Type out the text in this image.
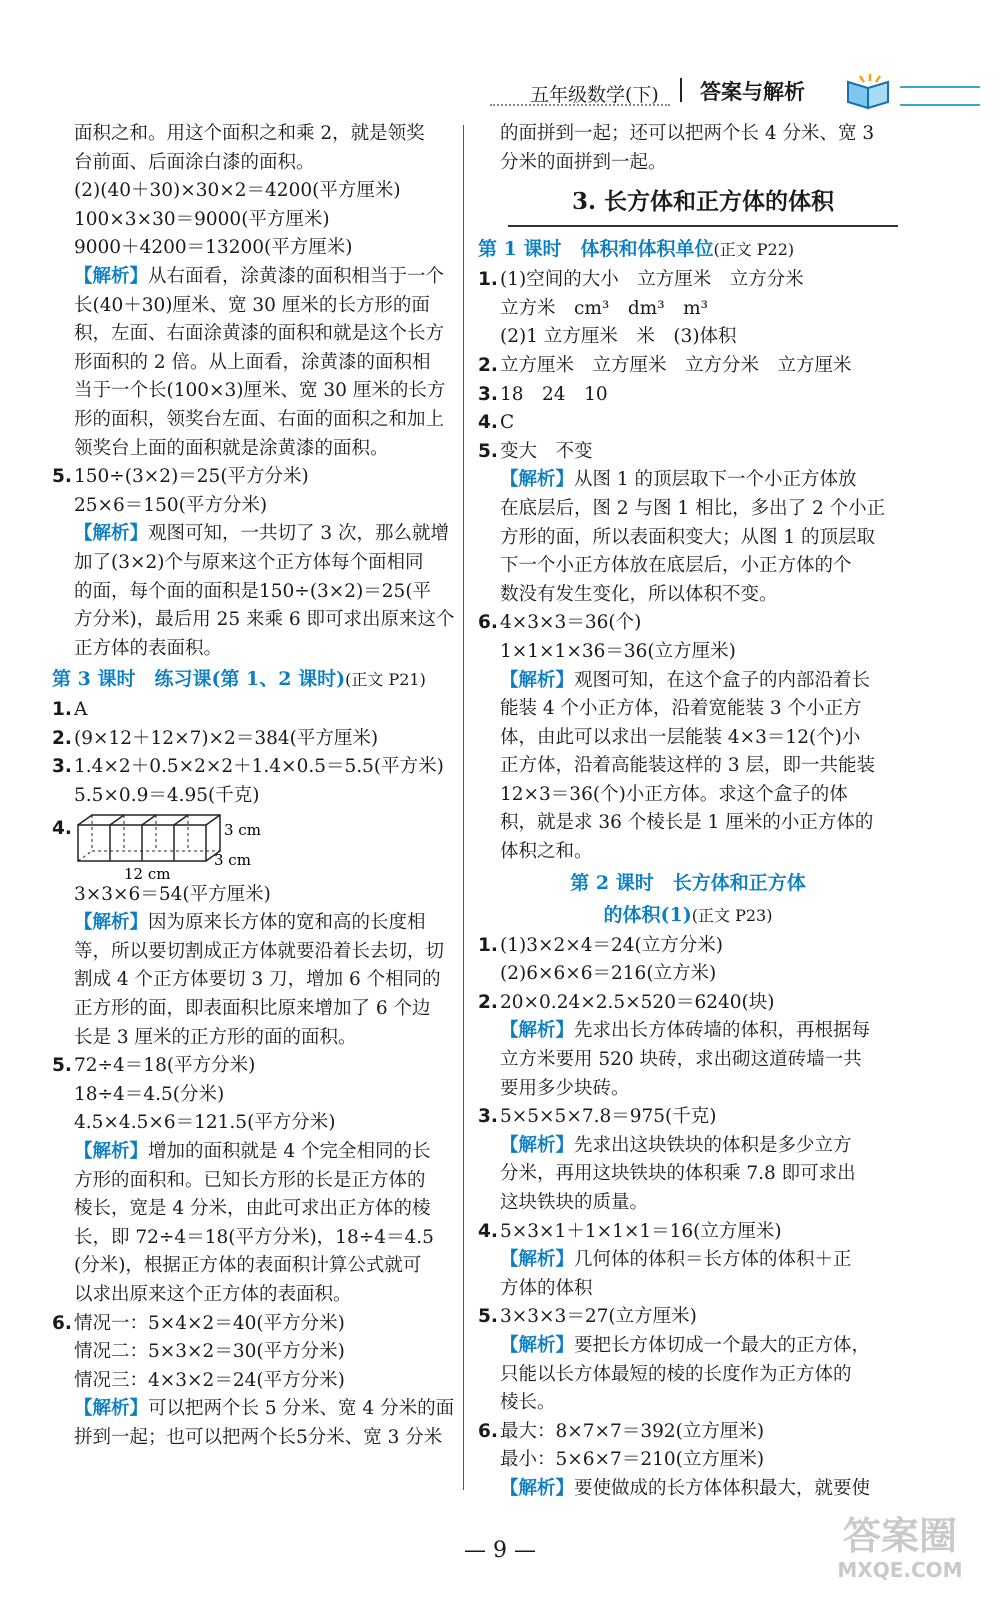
五年级数学(下) 答案与解析
面积之和。用这个面积之和乘 2，就是领奖
台前面、后面涂白漆的面积。
(2)(40＋30)×30×2＝4200(平方厘米)
100×3×30＝9000(平方厘米)
9000＋4200＝13200(平方厘米)
【解析】从右面看，涂黄漆的面积相当于一个
长(40＋30)厘米、宽 30 厘米的长方形的面
积，左面、右面涂黄漆的面积和就是这个长方
形面积的 2 倍。从上面看，涂黄漆的面积相
当于一个长(100×3)厘米、宽 30 厘米的长方
形的面积，领奖台左面、右面的面积之和加上
领奖台上面的面积就是涂黄漆的面积。
5. 150÷(3×2)＝25(平方分米)
25×6＝150(平方分米)
【解析】观图可知，一共切了 3 次，那么就增
加了(3×2)个与原来这个正方体每个面相同
的面，每个面的面积是150÷(3×2)＝25(平
方分米)，最后用 25 来乘 6 即可求出原来这个
正方体的表面积。
第 3 课时　练习课(第 1、2 课时)(正文 P21)
1. A
2. (9×12＋12×7)×2＝384(平方厘米)
3. 1.4×2＋0.5×2×2＋1.4×0.5＝5.5(平方米)
5.5×0.9＝4.95(千克)
4.	3 cm
3 cm
12 cm
3×3×6＝54(平方厘米)
【解析】因为原来长方体的宽和高的长度相
等，所以要切割成正方体就要沿着长去切，切
割成 4 个正方体要切 3 刀，增加 6 个相同的
正方形的面，即表面积比原来增加了 6 个边
长是 3 厘米的正方形的面的面积。
5. 72÷4＝18(平方分米)
18÷4＝4.5(分米)
4.5×4.5×6＝121.5(平方分米)
【解析】增加的面积就是 4 个完全相同的长
方形的面积和。已知长方形的长是正方体的
棱长，宽是 4 分米，由此可求出正方体的棱
长，即 72÷4＝18(平方分米)，18÷4＝4.5
(分米)，根据正方体的表面积计算公式就可
以求出原来这个正方体的表面积。
6. 情况一：5×4×2＝40(平方分米)
情况二：5×3×2＝30(平方分米)
情况三：4×3×2＝24(平方分米)
【解析】可以把两个长 5 分米、宽 4 分米的面
拼到一起；也可以把两个长5分米、宽 3 分米
的面拼到一起；还可以把两个长 4 分米、宽 3
分米的面拼到一起。
3. 长方体和正方体的体积
第 1 课时　体积和体积单位(正文 P22)
1. (1)空间的大小　立方厘米　立方分米
立方米　cm³　dm³　m³
(2)1 立方厘米　米　(3)体积
2. 立方厘米　立方厘米　立方分米　立方厘米
3. 18　24　10
4. C
5. 变大　不变
【解析】从图 1 的顶层取下一个小正方体放
在底层后，图 2 与图 1 相比，多出了 2 个小正
方形的面，所以表面积变大；从图 1 的顶层取
下一个小正方体放在底层后，小正方体的个
数没有发生变化，所以体积不变。
6. 4×3×3＝36(个)
1×1×1×36＝36(立方厘米)
【解析】观图可知，在这个盒子的内部沿着长
能装 4 个小正方体，沿着宽能装 3 个小正方
体，由此可以求出一层能装 4×3＝12(个)小
正方体，沿着高能装这样的 3 层，即一共能装
12×3＝36(个)小正方体。求这个盒子的体
积，就是求 36 个棱长是 1 厘米的小正方体的
体积之和。
第 2 课时　长方体和正方体
的体积(1)(正文 P23)
1. (1)3×2×4＝24(立方分米)
(2)6×6×6＝216(立方米)
2. 20×0.24×2.5×520＝6240(块)
【解析】先求出长方体砖墙的体积，再根据每
立方米要用 520 块砖，求出砌这道砖墙一共
要用多少块砖。
3. 5×5×5×7.8＝975(千克)
【解析】先求出这块铁块的体积是多少立方
分米，再用这块铁块的体积乘 7.8 即可求出
这块铁块的质量。
4. 5×3×1＋1×1×1＝16(立方厘米)
【解析】几何体的体积＝长方体的体积＋正
方体的体积
5. 3×3×3＝27(立方厘米)
【解析】要把长方体切成一个最大的正方体，
只能以长方体最短的棱的长度作为正方体的
棱长。
6. 最大：8×7×7＝392(立方厘米)
最小：5×6×7＝210(立方厘米)
【解析】要使做成的长方体体积最大，就要使
— 9 —	答案圈
MXQE.COM
